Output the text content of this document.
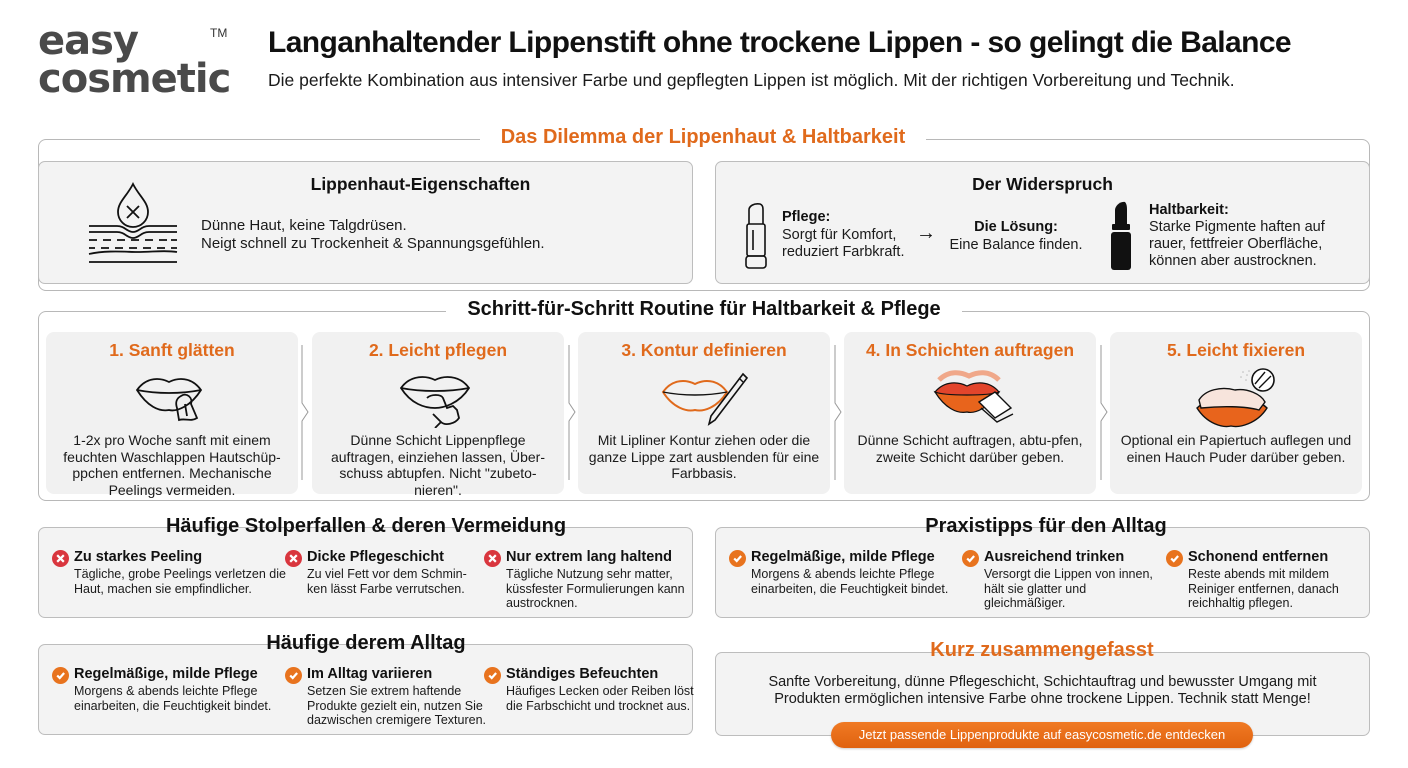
easy
cosmetic
TM Langanhaltender Lippenstift ohne trockene Lippen - so gelingt die Balance
Die perfekte Kombination aus intensiver Farbe und gepflegten Lippen ist möglich. Mit der richtigen Vorbereitung und Technik.
Das Dilemma der Lippenhaut & Haltbarkeit
Lippenhaut-Eigenschaften
Dünne Haut, keine Talgdrüsen.
Neigt schnell zu Trockenheit & Spannungsgefühlen.
Der Widerspruch
Pflege:
Sorgt für Komfort,
reduziert Farbkraft.
→	Die Lösung:
Eine Balance finden.
Haltbarkeit:
Starke Pigmente haften auf
rauer, fettfreier Oberfläche,
können aber austrocknen.
Schritt-für-Schritt Routine für Haltbarkeit & Pflege
1. Sanft glätten
1-2x pro Woche sanft mit einem feuchten Waschlappen Hautschüp-ppchen entfernen. Mechanische Peelings vermeiden.
2. Leicht pflegen
Dünne Schicht Lippenpflege auftragen, einziehen lassen, Über-schuss abtupfen. Nicht "zubeto-nieren".
3. Kontur definieren
Mit Lipliner Kontur ziehen oder die ganze Lippe zart ausblenden für eine Farbbasis.
4. In Schichten auftragen
Dünne Schicht auftragen, abtu-pfen, zweite Schicht darüber geben.
5. Leicht fixieren
Optional ein Papiertuch auflegen und einen Hauch Puder darüber geben.
Häufige Stolperfallen & deren Vermeidung
Zu starkes Peeling
Tägliche, grobe Peelings verletzen die Haut, machen sie empfindlicher.
Dicke Pflegeschicht
Zu viel Fett vor dem Schmin-ken lässt Farbe verrutschen.
Nur extrem lang haltend
Tägliche Nutzung sehr matter, küssfester Formulierungen kann austrocknen.
Praxistipps für den Alltag
Regelmäßige, milde Pflege
Morgens & abends leichte Pflege einarbeiten, die Feuchtigkeit bindet.
Ausreichend trinken
Versorgt die Lippen von innen, hält sie glatter und gleichmäßiger.
Schonend entfernen
Reste abends mit mildem Reiniger entfernen, danach reichhaltig pflegen.
Häufige derem Alltag
Regelmäßige, milde Pflege
Morgens & abends leichte Pflege einarbeiten, die Feuchtigkeit bindet.
Im Alltag variieren
Setzen Sie extrem haftende Produkte gezielt ein, nutzen Sie dazwischen cremigere Texturen.
Ständiges Befeuchten
Häufiges Lecken oder Reiben löst die Farbschicht und trocknet aus.
Kurz zusammengefasst
Sanfte Vorbereitung, dünne Pflegeschicht, Schichtauftrag und bewusster Umgang mit
Produkten ermöglichen intensive Farbe ohne trockene Lippen. Technik statt Menge!
Jetzt passende Lippenprodukte auf easycosmetic.de entdecken
